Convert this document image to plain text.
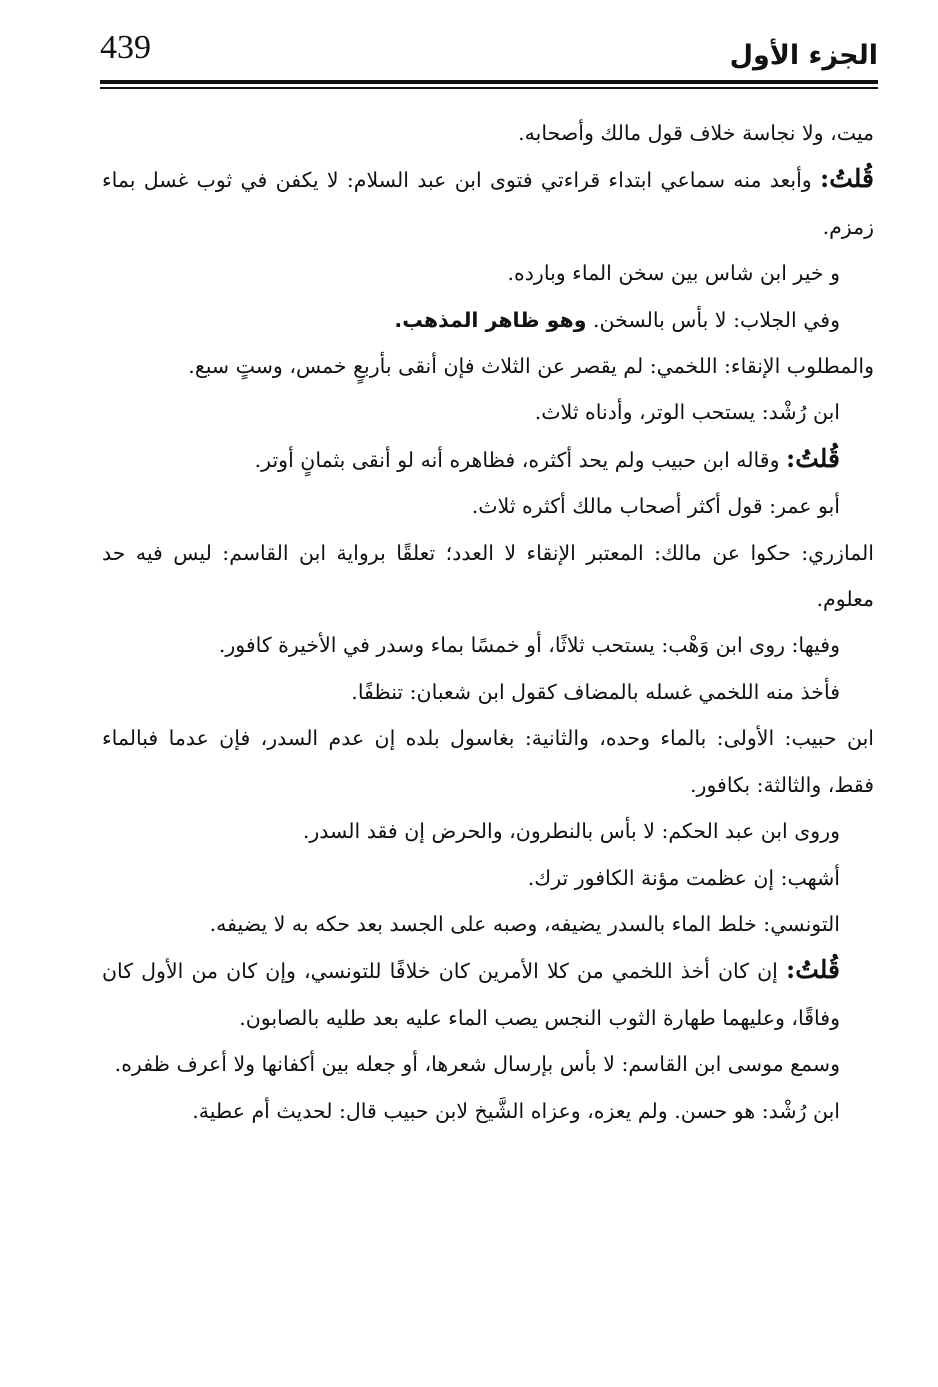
439	الجزء الأول

ميت، ولا نجاسة خلاف قول مالك وأصحابه.

قُلتُ: وأبعد منه سماعي ابتداء قراءتي فتوى ابن عبد السلام: لا يكفن في ثوب غسل بماء زمزم.

و خير ابن شاس بين سخن الماء وبارده.

وفي الجلاب: لا بأس بالسخن. وهو ظاهر المذهب.

والمطلوب الإنقاء: اللخمي: لم يقصر عن الثلاث فإن أنقى بأربعٍ خمس، وستٍ سبع.

ابن رُشْد: يستحب الوتر، وأدناه ثلاث.

قُلتُ: وقاله ابن حبيب ولم يحد أكثره، فظاهره أنه لو أنقى بثمانٍ أوتر.

أبو عمر: قول أكثر أصحاب مالك أكثره ثلاث.

المازري: حكوا عن مالك: المعتبر الإنقاء لا العدد؛ تعلقًا برواية ابن القاسم: ليس فيه حد معلوم.

وفيها: روى ابن وَهْب: يستحب ثلاثًا، أو خمسًا بماء وسدر في الأخيرة كافور.

فأخذ منه اللخمي غسله بالمضاف كقول ابن شعبان: تنظفًا.

ابن حبيب: الأولى: بالماء وحده، والثانية: بغاسول بلده إن عدم السدر، فإن عدما فبالماء فقط، والثالثة: بكافور.

وروى ابن عبد الحكم: لا بأس بالنطرون، والحرض إن فقد السدر.

أشهب: إن عظمت مؤنة الكافور ترك.

التونسي: خلط الماء بالسدر يضيفه، وصبه على الجسد بعد حكه به لا يضيفه.

قُلتُ: إن كان أخذ اللخمي من كلا الأمرين كان خلافًا للتونسي، وإن كان من الأول كان وفاقًا، وعليهما طهارة الثوب النجس يصب الماء عليه بعد طليه بالصابون.

وسمع موسى ابن القاسم: لا بأس بإرسال شعرها، أو جعله بين أكفانها ولا أعرف ظفره.

ابن رُشْد: هو حسن. ولم يعزه، وعزاه الشَّيخ لابن حبيب قال: لحديث أم عطية.
